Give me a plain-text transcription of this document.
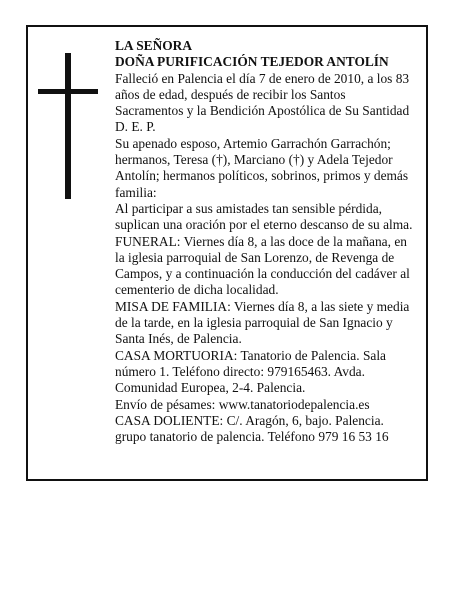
LA SEÑORA
DOÑA PURIFICACIÓN TEJEDOR ANTOLÍN
Falleció en Palencia el día 7 de enero de 2010, a los 83
años de edad, después de recibir los Santos
Sacramentos y la Bendición Apostólica de Su Santidad
D. E. P.
Su apenado esposo, Artemio Garrachón Garrachón;
hermanos, Teresa (†), Marciano (†) y Adela Tejedor
Antolín; hermanos políticos, sobrinos, primos y demás
familia:
Al participar a sus amistades tan sensible pérdida,
suplican una oración por el eterno descanso de su alma.
FUNERAL: Viernes día 8, a las doce de la mañana, en
la iglesia parroquial de San Lorenzo, de Revenga de
Campos, y a continuación la conducción del cadáver al
cementerio de dicha localidad.
MISA DE FAMILIA: Viernes día 8, a las siete y media
de la tarde, en la iglesia parroquial de San Ignacio y
Santa Inés, de Palencia.
CASA MORTUORIA: Tanatorio de Palencia. Sala
número 1. Teléfono directo: 979165463. Avda.
Comunidad Europea, 2-4. Palencia.
Envío de pésames: www.tanatoriodepalencia.es
CASA DOLIENTE: C/. Aragón, 6, bajo. Palencia.
grupo tanatorio de palencia. Teléfono 979 16 53 16
